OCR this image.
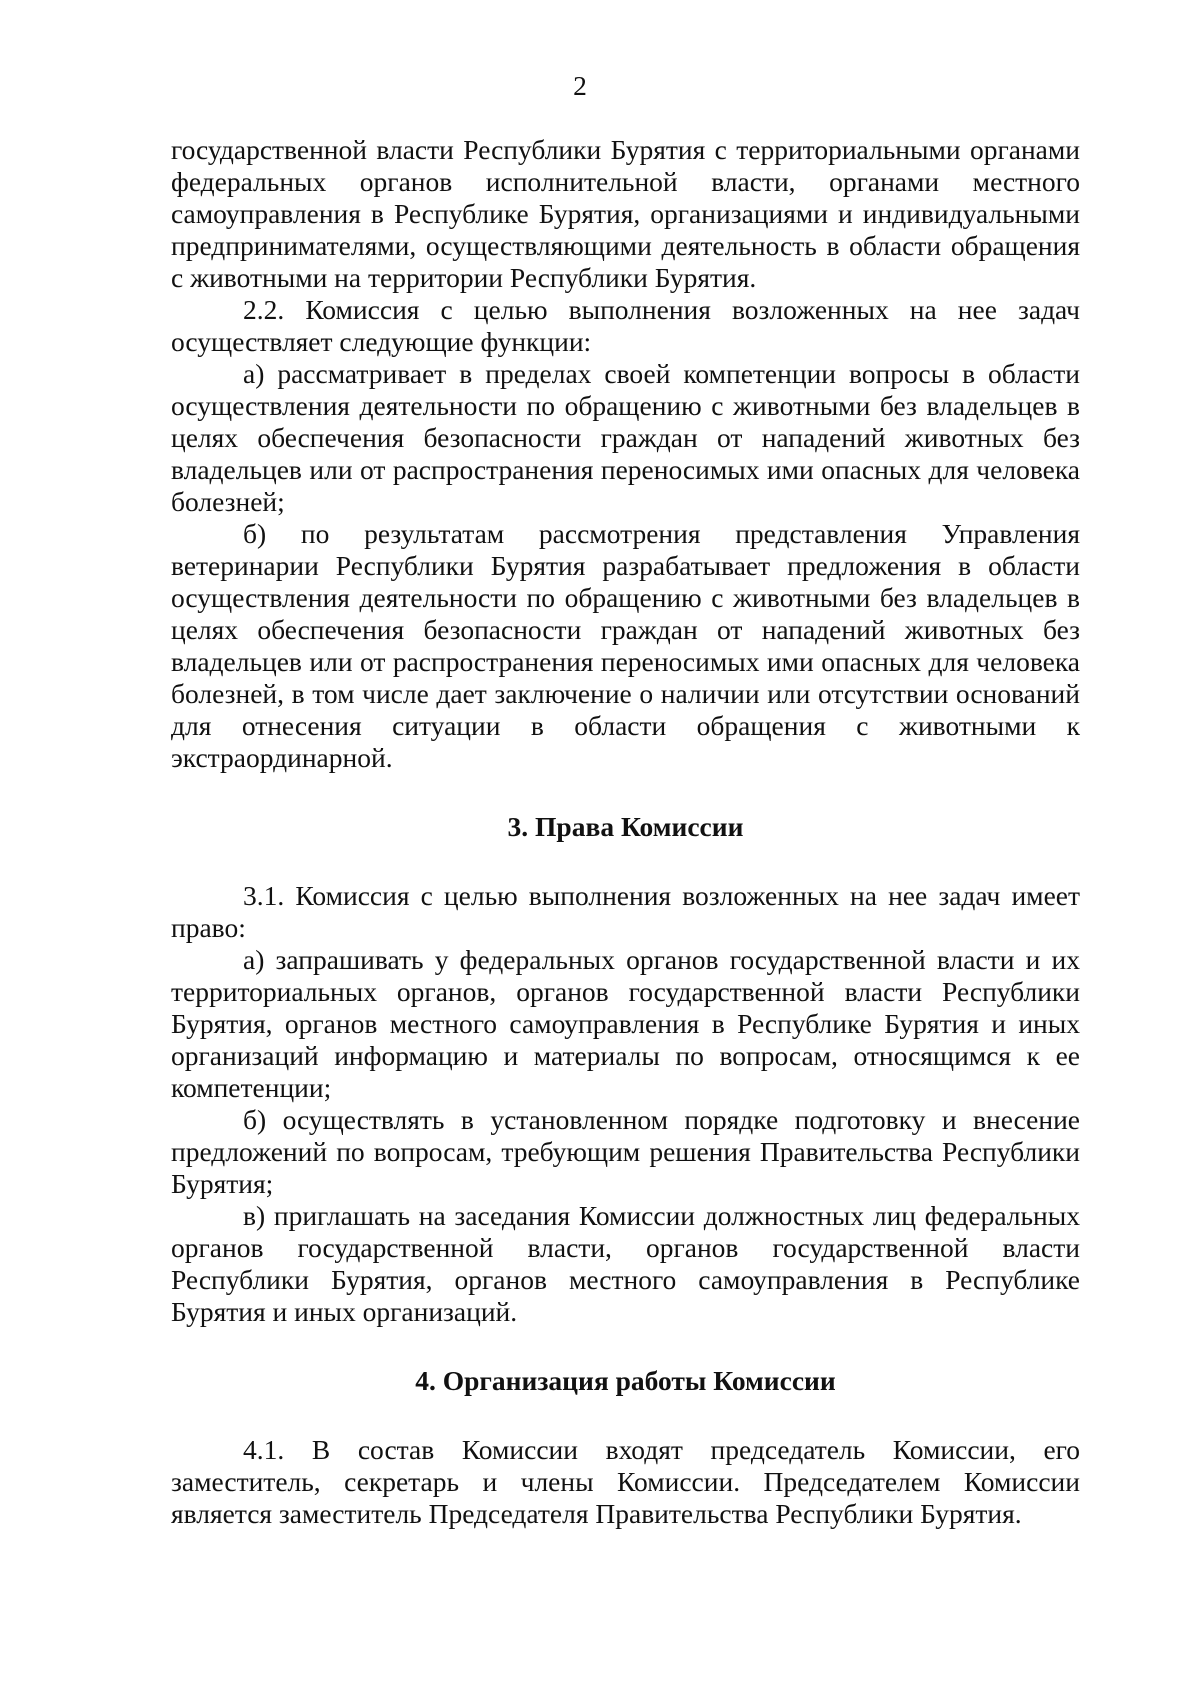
2

государственной власти Республики Бурятия с территориальными органами федеральных органов исполнительной власти, органами местного самоуправления в Республике Бурятия, организациями и индивидуальными предпринимателями, осуществляющими деятельность в области обращения с животными на территории Республики Бурятия.

2.2. Комиссия с целью выполнения возложенных на нее задач осуществляет следующие функции:

а) рассматривает в пределах своей компетенции вопросы в области осуществления деятельности по обращению с животными без владельцев в целях обеспечения безопасности граждан от нападений животных без владельцев или от распространения переносимых ими опасных для человека болезней;

б) по результатам рассмотрения представления Управления ветеринарии Республики Бурятия разрабатывает предложения в области осуществления деятельности по обращению с животными без владельцев в целях обеспечения безопасности граждан от нападений животных без владельцев или от распространения переносимых ими опасных для человека болезней, в том числе дает заключение о наличии или отсутствии оснований для отнесения ситуации в области обращения с животными к экстраординарной.

3. Права Комиссии

3.1. Комиссия с целью выполнения возложенных на нее задач имеет право:

а) запрашивать у федеральных органов государственной власти и их территориальных органов, органов государственной власти Республики Бурятия, органов местного самоуправления в Республике Бурятия и иных организаций информацию и материалы по вопросам, относящимся к ее компетенции;

б) осуществлять в установленном порядке подготовку и внесение предложений по вопросам, требующим решения Правительства Республики Бурятия;

в) приглашать на заседания Комиссии должностных лиц федеральных органов государственной власти, органов государственной власти Республики Бурятия, органов местного самоуправления в Республике Бурятия и иных организаций.

4. Организация работы Комиссии

4.1. В состав Комиссии входят председатель Комиссии, его заместитель, секретарь и члены Комиссии. Председателем Комиссии является заместитель Председателя Правительства Республики Бурятия.
